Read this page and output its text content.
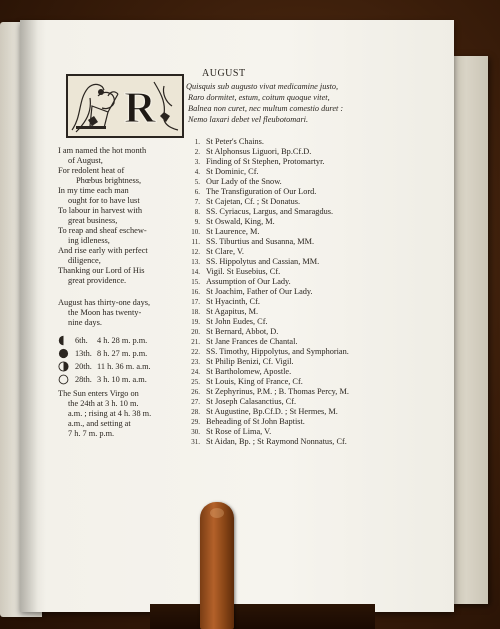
R
AUGUST
Quisquis sub augusto vivat medicamine justo,
Raro dormitet, estum, coitum quoque vitet,
Balnea non curet, nec multum comestio duret :
Nemo laxari debet vel fleubotomari.
I am named the hot month
of August,
For redolent heat of
Phœbus brightness,
In my time each man
ought for to have lust
To labour in harvest with
great business,
To reap and sheaf eschew-
ing idleness,
And rise early with perfect
diligence,
Thanking our Lord of His
great providence.
August has thirty-one days,
the Moon has twenty-
nine days.
6th.	4 h. 28 m. p.m.
13th. 8 h. 27 m. p.m.
20th. 11 h. 36 m. a.m.
28th. 3 h. 10 m. a.m.
The Sun enters Virgo on
the 24th at 3 h. 10 m.
a.m. ; rising at 4 h. 38 m.
a.m., and setting at
7 h. 7 m. p.m.
1. St Peter's Chains.
2. St Alphonsus Liguori, Bp.Cf.D.
3. Finding of St Stephen, Protomartyr.
4. St Dominic, Cf.
5. Our Lady of the Snow.
6. The Transfiguration of Our Lord.
7. St Cajetan, Cf. ; St Donatus.
8. SS. Cyriacus, Largus, and Smaragdus.
9. St Oswald, King, M.
10. St Laurence, M.
11. SS. Tiburtius and Susanna, MM.
12. St Clare, V.
13. SS. Hippolytus and Cassian, MM.
14. Vigil. St Eusebius, Cf.
15. Assumption of Our Lady.
16. St Joachim, Father of Our Lady.
17. St Hyacinth, Cf.
18. St Agapitus, M.
19. St John Eudes, Cf.
20. St Bernard, Abbot, D.
21. St Jane Frances de Chantal.
22. SS. Timothy, Hippolytus, and Symphorian.
23. St Philip Benizi, Cf. Vigil.
24. St Bartholomew, Apostle.
25. St Louis, King of France, Cf.
26. St Zephyrinus, P.M. ; B. Thomas Percy, M.
27. St Joseph Calasanctius, Cf.
28. St Augustine, Bp.Cf.D. ; St Hermes, M.
29. Beheading of St John Baptist.
30. St Rose of Lima, V.
31. St Aidan, Bp. ; St Raymond Nonnatus, Cf.
